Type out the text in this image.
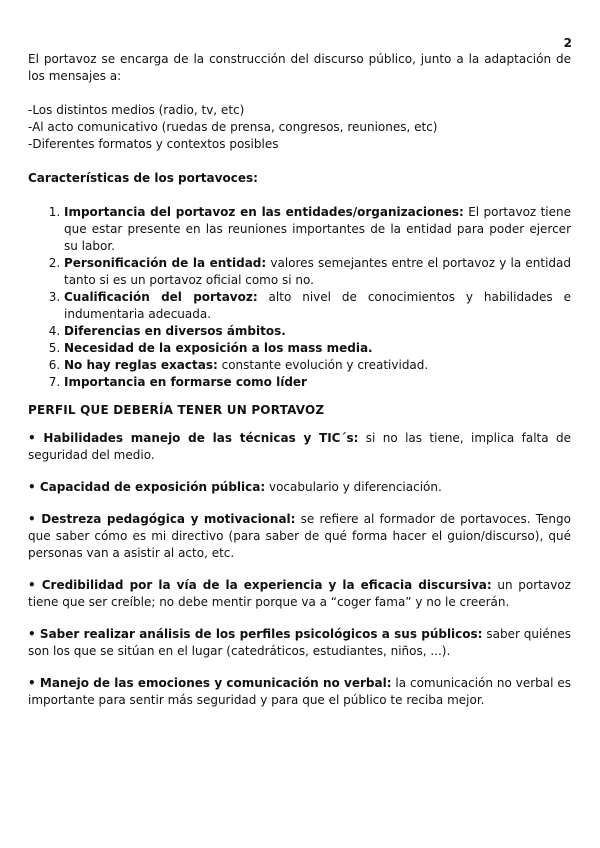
2

El portavoz se encarga de la construcción del discurso público, junto a la adaptación de los mensajes a:

-Los distintos medios (radio, tv, etc)

-Al acto comunicativo (ruedas de prensa, congresos, reuniones, etc)

-Diferentes formatos y contextos posibles

Características de los portavoces:

1. Importancia del portavoz en las entidades/organizaciones: El portavoz tiene que estar presente en las reuniones importantes de la entidad para poder ejercer su labor.
2. Personificación de la entidad: valores semejantes entre el portavoz y la entidad tanto si es un portavoz oficial como si no.
3. Cualificación del portavoz: alto nivel de conocimientos y habilidades e indumentaria adecuada.
4. Diferencias en diversos ámbitos.
5. Necesidad de la exposición a los mass media.
6. No hay reglas exactas: constante evolución y creatividad.
7. Importancia en formarse como líder

PERFIL QUE DEBERÍA TENER UN PORTAVOZ

• Habilidades manejo de las técnicas y TIC´s: si no las tiene, implica falta de seguridad del medio.

• Capacidad de exposición pública: vocabulario y diferenciación.

• Destreza pedagógica y motivacional: se refiere al formador de portavoces. Tengo que saber cómo es mi directivo (para saber de qué forma hacer el guion/discurso), qué personas van a asistir al acto, etc.

• Credibilidad por la vía de la experiencia y la eficacia discursiva: un portavoz tiene que ser creíble; no debe mentir porque va a “coger fama” y no le creerán.

• Saber realizar análisis de los perfiles psicológicos a sus públicos: saber quiénes son los que se sitúan en el lugar (catedráticos, estudiantes, niños, ...).

• Manejo de las emociones y comunicación no verbal: la comunicación no verbal es importante para sentir más seguridad y para que el público te reciba mejor.
